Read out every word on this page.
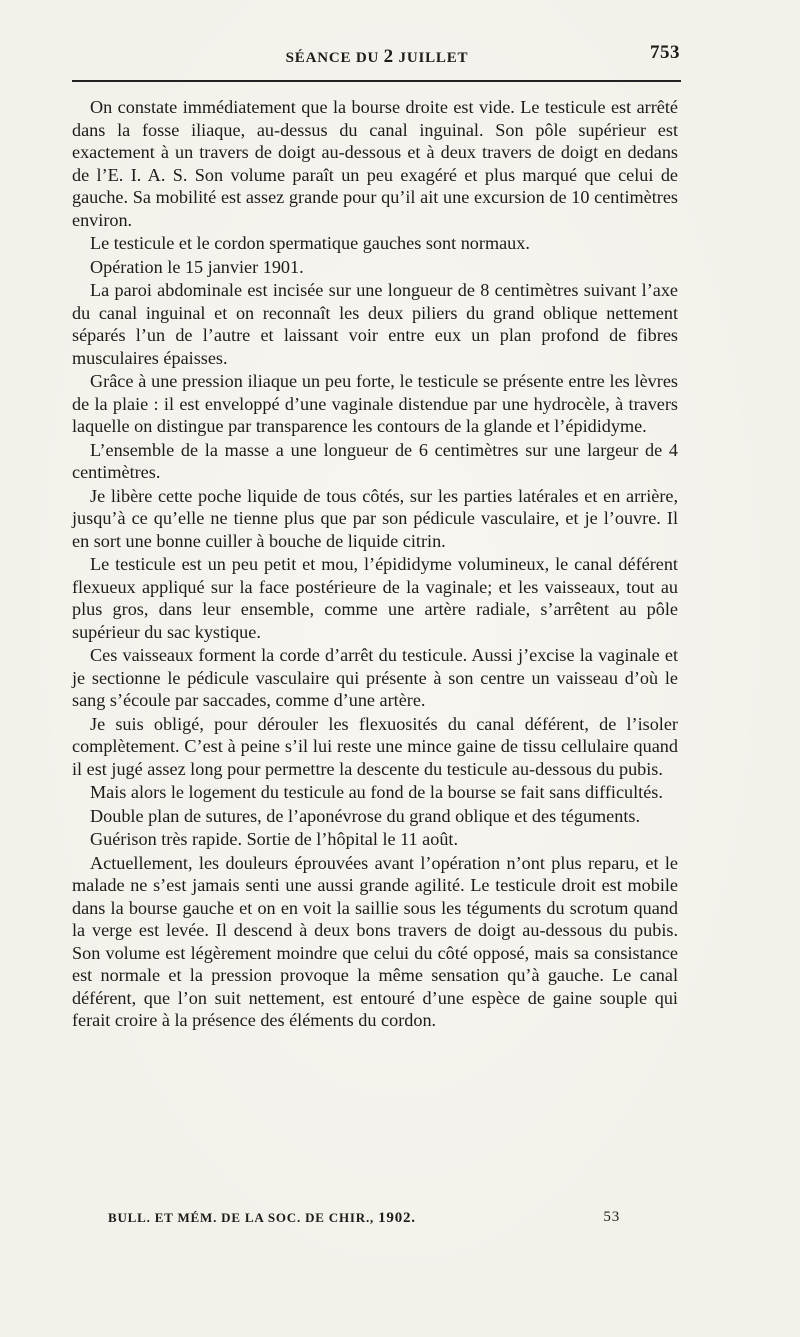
SÉANCE DU 2 JUILLET	753

On constate immédiatement que la bourse droite est vide. Le testicule est arrêté dans la fosse iliaque, au-dessus du canal inguinal. Son pôle supérieur est exactement à un travers de doigt au-dessous et à deux travers de doigt en dedans de l’E. I. A. S. Son volume paraît un peu exagéré et plus marqué que celui de gauche. Sa mobilité est assez grande pour qu’il ait une excursion de 10 centimètres environ.

Le testicule et le cordon spermatique gauches sont normaux.

Opération le 15 janvier 1901.

La paroi abdominale est incisée sur une longueur de 8 centimètres suivant l’axe du canal inguinal et on reconnaît les deux piliers du grand oblique nettement séparés l’un de l’autre et laissant voir entre eux un plan profond de fibres musculaires épaisses.

Grâce à une pression iliaque un peu forte, le testicule se présente entre les lèvres de la plaie : il est enveloppé d’une vaginale distendue par une hydrocèle, à travers laquelle on distingue par transparence les contours de la glande et l’épididyme.

L’ensemble de la masse a une longueur de 6 centimètres sur une largeur de 4 centimètres.

Je libère cette poche liquide de tous côtés, sur les parties latérales et en arrière, jusqu’à ce qu’elle ne tienne plus que par son pédicule vasculaire, et je l’ouvre. Il en sort une bonne cuiller à bouche de liquide citrin.

Le testicule est un peu petit et mou, l’épididyme volumineux, le canal déférent flexueux appliqué sur la face postérieure de la vaginale; et les vaisseaux, tout au plus gros, dans leur ensemble, comme une artère radiale, s’arrêtent au pôle supérieur du sac kystique.

Ces vaisseaux forment la corde d’arrêt du testicule. Aussi j’excise la vaginale et je sectionne le pédicule vasculaire qui présente à son centre un vaisseau d’où le sang s’écoule par saccades, comme d’une artère.

Je suis obligé, pour dérouler les flexuosités du canal déférent, de l’isoler complètement. C’est à peine s’il lui reste une mince gaine de tissu cellulaire quand il est jugé assez long pour permettre la descente du testicule au-dessous du pubis.

Mais alors le logement du testicule au fond de la bourse se fait sans difficultés.

Double plan de sutures, de l’aponévrose du grand oblique et des téguments.

Guérison très rapide. Sortie de l’hôpital le 11 août.

Actuellement, les douleurs éprouvées avant l’opération n’ont plus reparu, et le malade ne s’est jamais senti une aussi grande agilité. Le testicule droit est mobile dans la bourse gauche et on en voit la saillie sous les téguments du scrotum quand la verge est levée. Il descend à deux bons travers de doigt au-dessous du pubis. Son volume est légèrement moindre que celui du côté opposé, mais sa consistance est normale et la pression provoque la même sensation qu’à gauche. Le canal déférent, que l’on suit nettement, est entouré d’une espèce de gaine souple qui ferait croire à la présence des éléments du cordon.

BULL. ET MÉM. DE LA SOC. DE CHIR., 1902.	53
